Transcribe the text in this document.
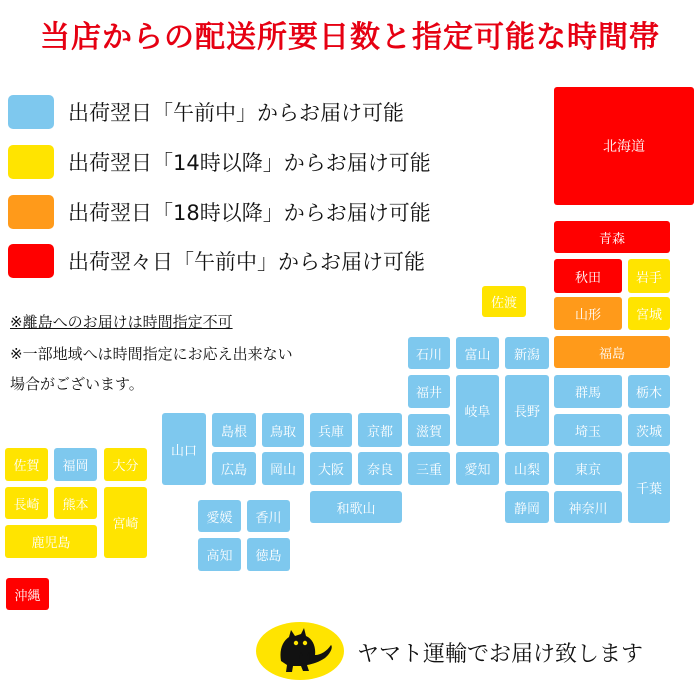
当店からの配送所要日数と指定可能な時間帯
出荷翌日「午前中」からお届け可能
出荷翌日「14時以降」からお届け可能
出荷翌日「18時以降」からお届け可能
出荷翌々日「午前中」からお届け可能
※離島へのお届けは時間指定不可
※一部地域へは時間指定にお応え出来ない
場合がございます。
北海道
青森
秋田
沖縄
山形
福島
岩手
宮城
佐渡
佐賀	大分
長崎	熊本
宮崎
鹿児島
福岡
山口
島根	鳥取	兵庫	京都
広島	岡山	大阪	奈良
和歌山
愛媛	香川
高知	徳島
石川	富山	新潟
福井
岐阜	長野
滋賀
三重	愛知	山梨
静岡
群馬	栃木
埼玉	茨城
東京
千葉
神奈川
ヤマト運輸でお届け致します
